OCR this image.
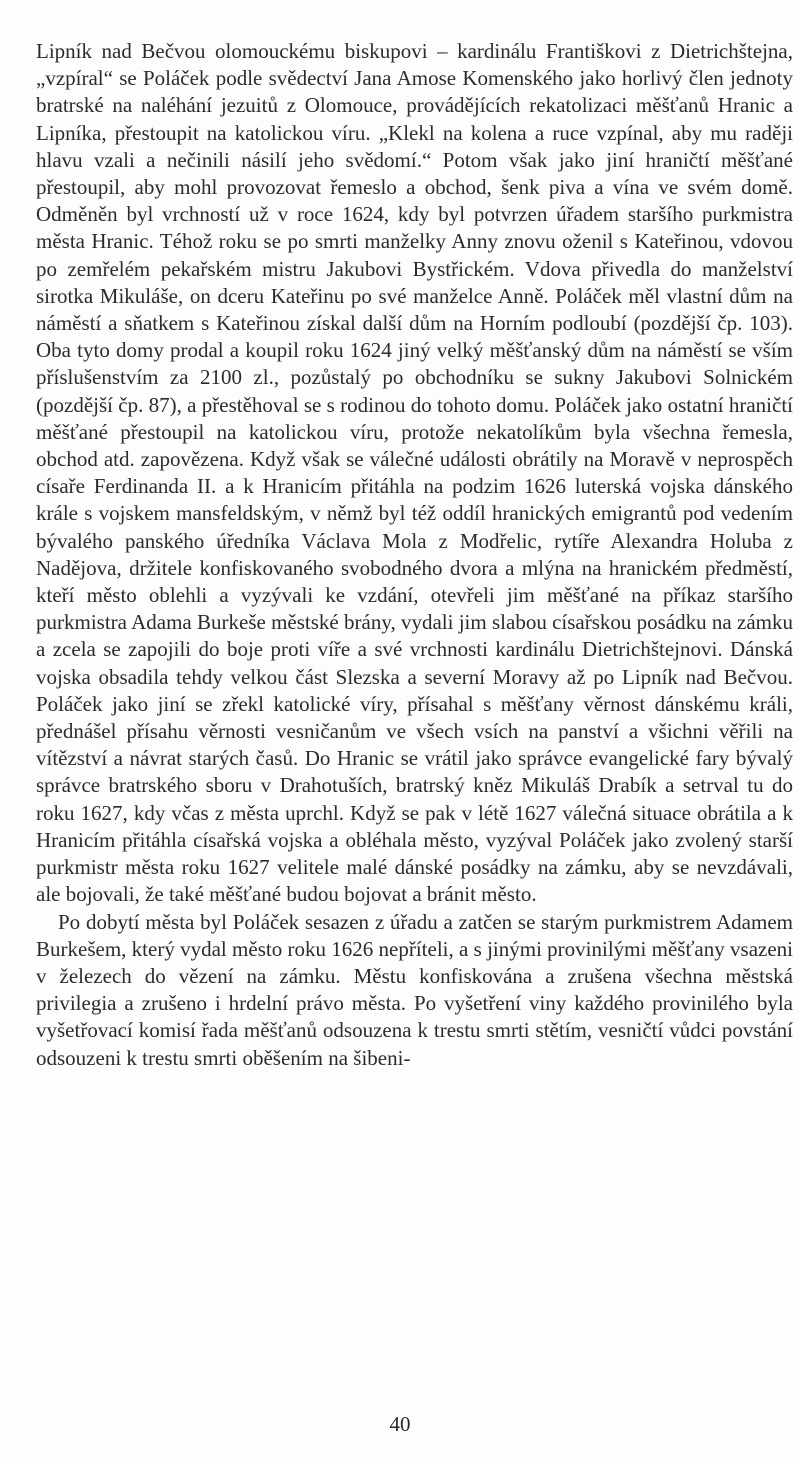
Lipník nad Bečvou olomouckému biskupovi – kardinálu Františkovi z Dietrichštejna, „vzpíral“ se Poláček podle svědectví Jana Amose Komenského jako horlivý člen jednoty bratrské na naléhání jezuitů z Olomouce, provádějících rekatolizaci měšťanů Hranic a Lipníka, přestoupit na katolickou víru. „Klekl na kolena a ruce vzpínal, aby mu raději hlavu vzali a nečinili násilí jeho svědomí.“ Potom však jako jiní hraničtí měšťané přestoupil, aby mohl provozovat řemeslo a obchod, šenk piva a vína ve svém domě. Odměněn byl vrchností už v roce 1624, kdy byl potvrzen úřadem staršího purkmistra města Hranic. Téhož roku se po smrti manželky Anny znovu oženil s Kateřinou, vdovou po zemřelém pekařském mistru Jakubovi Bystřickém. Vdova přivedla do manželství sirotka Mikuláše, on dceru Kateřinu po své manželce Anně. Poláček měl vlastní dům na náměstí a sňatkem s Kateřinou získal další dům na Horním podloubí (pozdější čp. 103). Oba tyto domy prodal a koupil roku 1624 jiný velký měšťanský dům na náměstí se vším příslušenstvím za 2100 zl., pozůstalý po obchodníku se sukny Jakubovi Solnickém (pozdější čp. 87), a přestěhoval se s rodinou do tohoto domu. Poláček jako ostatní hraničtí měšťané přestoupil na katolickou víru, protože nekatolíkům byla všechna řemesla, obchod atd. zapovězena. Když však se válečné události obrátily na Moravě v neprospěch císaře Ferdinanda II. a k Hranicím přitáhla na podzim 1626 luterská vojska dánského krále s vojskem mansfeldským, v němž byl též oddíl hranických emigrantů pod vedením bývalého panského úředníka Václava Mola z Modřelic, rytíře Alexandra Holuba z Nadějova, držitele konfiskovaného svobodného dvora a mlýna na hranickém předměstí, kteří město oblehli a vyzývali ke vzdání, otevřeli jim měšťané na příkaz staršího purkmistra Adama Burkeše městské brány, vydali jim slabou císařskou posádku na zámku a zcela se zapojili do boje proti víře a své vrchnosti kardinálu Dietrichštejnovi. Dánská vojska obsadila tehdy velkou část Slezska a severní Moravy až po Lipník nad Bečvou. Poláček jako jiní se zřekl katolické víry, přísahal s měšťany věrnost dánskému králi, přednášel přísahu věrnosti vesničanům ve všech vsích na panství a všichni věřili na vítězství a návrat starých časů. Do Hranic se vrátil jako správce evangelické fary bývalý správce bratrského sboru v Drahotuších, bratrský kněz Mikuláš Drabík a setrval tu do roku 1627, kdy včas z města uprchl. Když se pak v létě 1627 válečná situace obrátila a k Hranicím přitáhla císařská vojska a obléhala město, vyzýval Poláček jako zvolený starší purkmistr města roku 1627 velitele malé dánské posádky na zámku, aby se nevzdávali, ale bojovali, že také měšťané budou bojovat a bránit město.

Po dobytí města byl Poláček sesazen z úřadu a zatčen se starým purkmistrem Adamem Burkešem, který vydal město roku 1626 nepříteli, a s jinými provinilými měšťany vsazeni v železech do vězení na zámku. Městu konfiskována a zrušena všechna městská privilegia a zrušeno i hrdelní právo města. Po vyšetření viny každého provinilého byla vyšetřovací komisí řada měšťanů odsouzena k trestu smrti stětím, vesničtí vůdci povstání odsouzeni k trestu smrti oběšením na šibeni-

40
